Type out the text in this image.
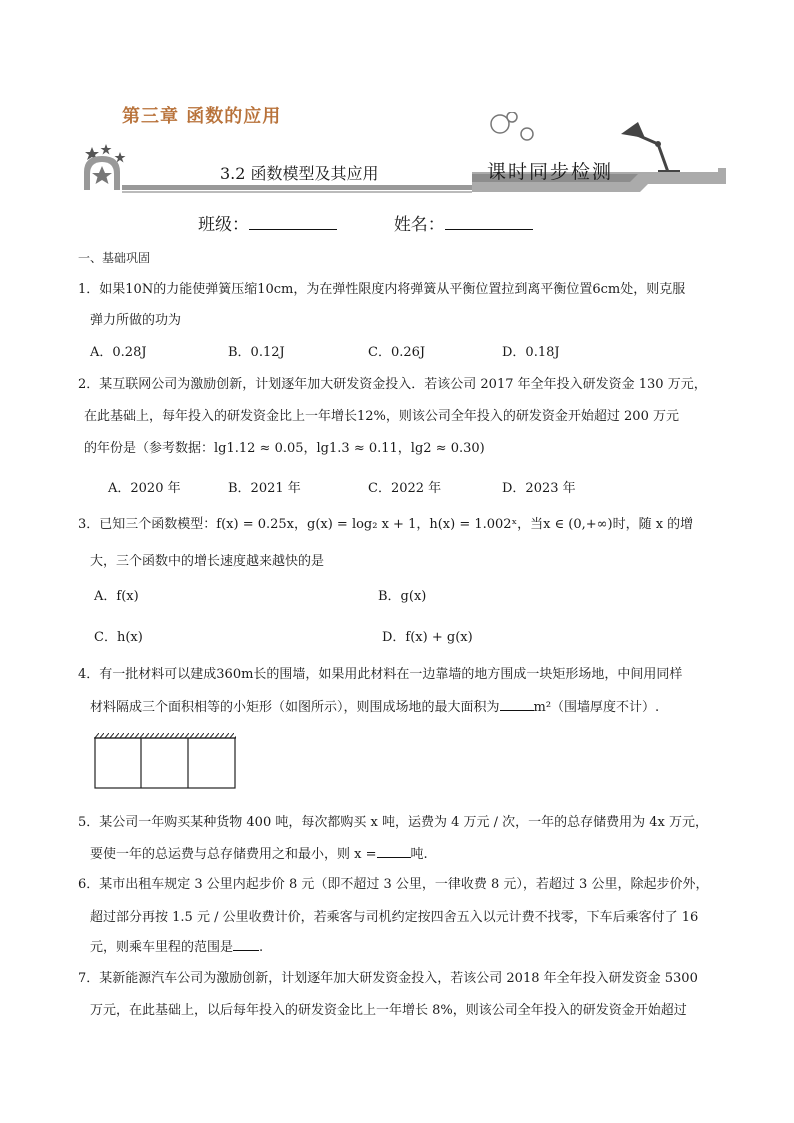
第三章 函数的应用
3.2 函数模型及其应用	课时同步检测
班级：	姓名：
一、基础巩固
1．如果10N的力能使弹簧压缩10cm，为在弹性限度内将弹簧从平衡位置拉到离平衡位置6cm处，则克服
弹力所做的功为
A．0.28J	B．0.12J	C．0.26J	D．0.18J
2．某互联网公司为激励创新，计划逐年加大研发资金投入．若该公司 2017 年全年投入研发资金 130 万元，
在此基础上，每年投入的研发资金比上一年增长12%，则该公司全年投入的研发资金开始超过 200 万元
的年份是（参考数据：lg1.12 ≈ 0.05，lg1.3 ≈ 0.11，lg2 ≈ 0.30)
A．2020 年	B．2021 年	C．2022 年	D．2023 年
3．已知三个函数模型：f(x) = 0.25x，g(x) = log₂ x + 1，h(x) = 1.002ˣ，当x ∈ (0,+∞)时，随 x 的增
大，三个函数中的增长速度越来越快的是
A．f(x)	B．g(x)
C．h(x)	D．f(x) + g(x)
4．有一批材料可以建成360m长的围墙，如果用此材料在一边靠墙的地方围成一块矩形场地，中间用同样
材料隔成三个面积相等的小矩形（如图所示），则围成场地的最大面积为	m²（围墙厚度不计）.
5．某公司一年购买某种货物 400 吨，每次都购买 x 吨，运费为 4 万元 / 次，一年的总存储费用为 4x 万元，
要使一年的总运费与总存储费用之和最小，则 x =	吨.
6．某市出租车规定 3 公里内起步价 8 元（即不超过 3 公里，一律收费 8 元），若超过 3 公里，除起步价外，
超过部分再按 1.5 元 / 公里收费计价，若乘客与司机约定按四舍五入以元计费不找零，下车后乘客付了 16
元，则乘车里程的范围是 .
7．某新能源汽车公司为激励创新，计划逐年加大研发资金投入，若该公司 2018 年全年投入研发资金 5300
万元，在此基础上，以后每年投入的研发资金比上一年增长 8%，则该公司全年投入的研发资金开始超过
